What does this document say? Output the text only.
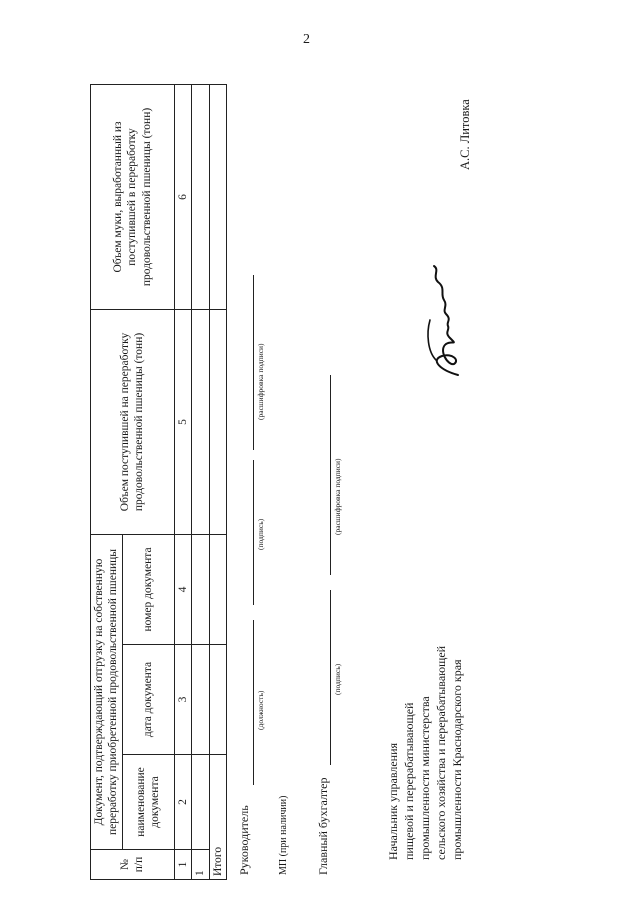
2
№ п/п	Документ, подтверждающий отгрузку на собственную переработку приобретенной продовольственной пшеницы			Объем поступившей на переработку продовольственной пшеницы (тонн)	Объем муки, выработанный из поступившей в переработку продовольственной пшеницы (тонн)
	наименование документа	дата документа	номер документа		
1	2	3	4	5	6
1					
Итого					Руководитель
(должность)
(подпись)
(расшифровка подписи)
МП (при наличии) Главный бухгалтер
(подпись)
(расшифровка подписи)
Начальник управления пищевой и перерабатывающей промышленности министерства сельского хозяйства и перерабатывающей промышленности Краснодарского края
А.С. Литовка
